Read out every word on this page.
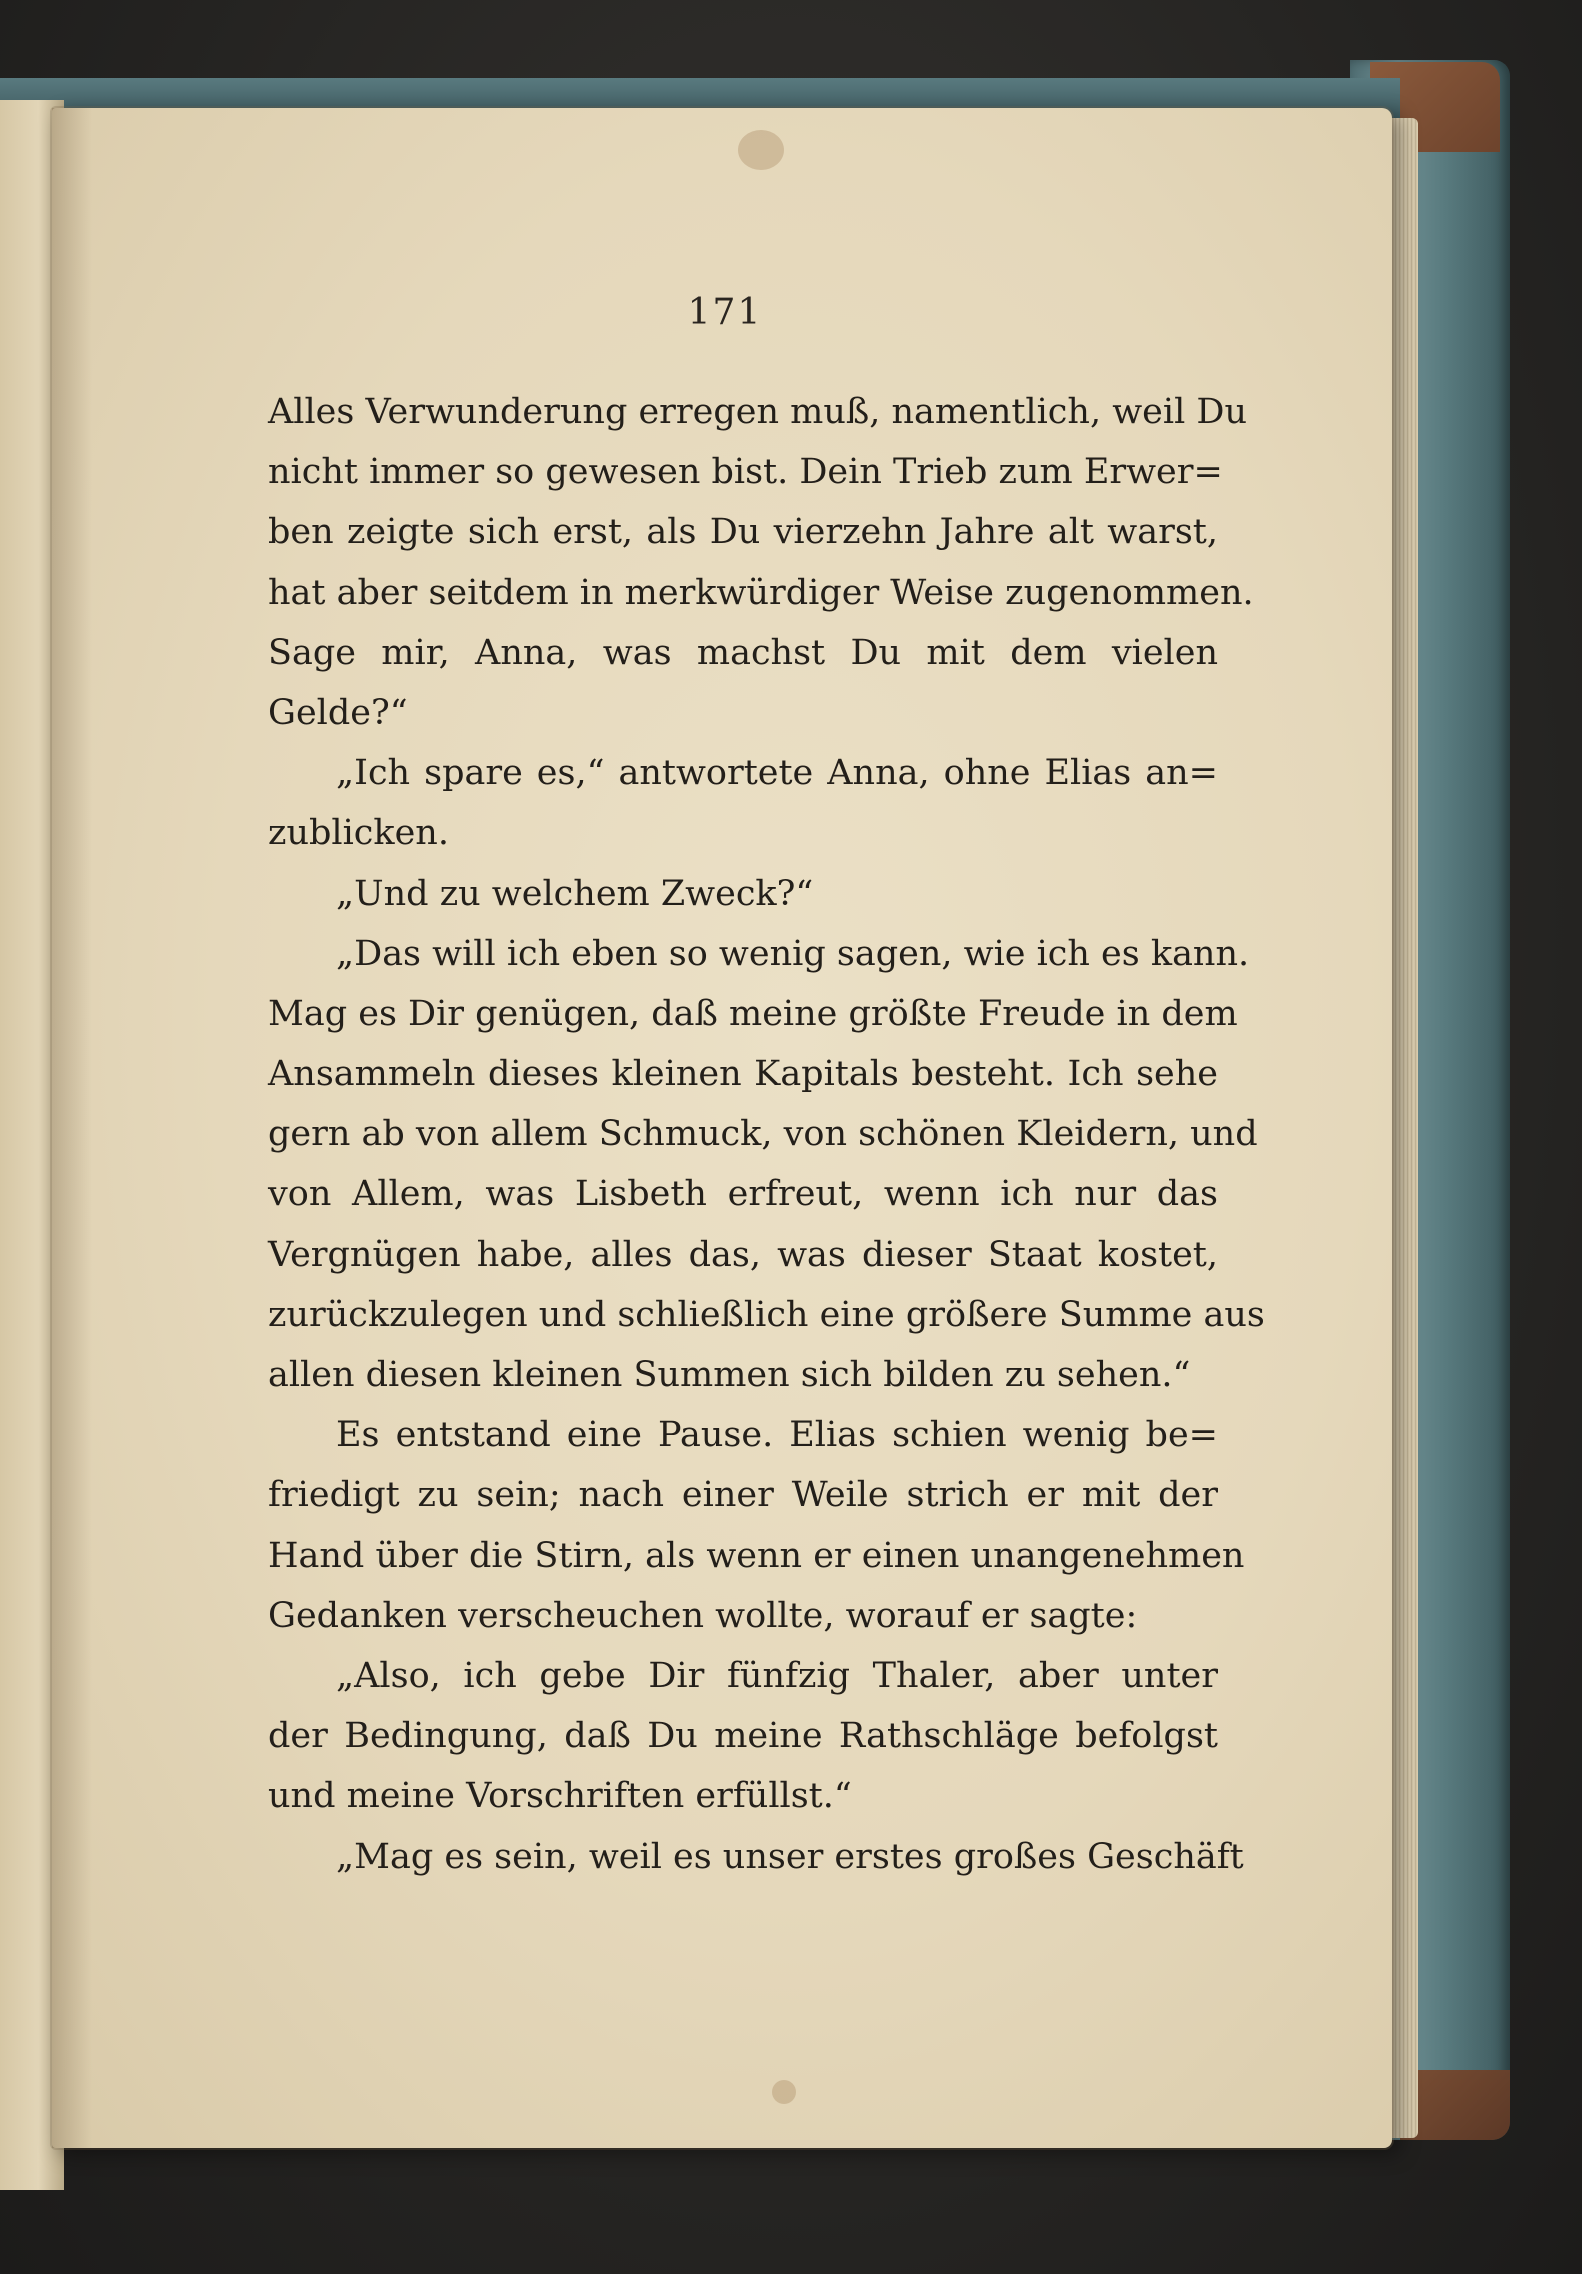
171
Alles Verwunderung erregen muß, namentlich, weil Du
nicht immer so gewesen bist. Dein Trieb zum Erwer=
ben zeigte sich erst, als Du vierzehn Jahre alt warst,
hat aber seitdem in merkwürdiger Weise zugenommen.
Sage mir, Anna, was machst Du mit dem vielen
Gelde?“
„Ich spare es,“ antwortete Anna, ohne Elias an=
zublicken.
„Und zu welchem Zweck?“
„Das will ich eben so wenig sagen, wie ich es kann.
Mag es Dir genügen, daß meine größte Freude in dem
Ansammeln dieses kleinen Kapitals besteht. Ich sehe
gern ab von allem Schmuck, von schönen Kleidern, und
von Allem, was Lisbeth erfreut, wenn ich nur das
Vergnügen habe, alles das, was dieser Staat kostet,
zurückzulegen und schließlich eine größere Summe aus
allen diesen kleinen Summen sich bilden zu sehen.“
Es entstand eine Pause. Elias schien wenig be=
friedigt zu sein; nach einer Weile strich er mit der
Hand über die Stirn, als wenn er einen unangenehmen
Gedanken verscheuchen wollte, worauf er sagte:
„Also, ich gebe Dir fünfzig Thaler, aber unter
der Bedingung, daß Du meine Rathschläge befolgst
und meine Vorschriften erfüllst.“
„Mag es sein, weil es unser erstes großes Geschäft
